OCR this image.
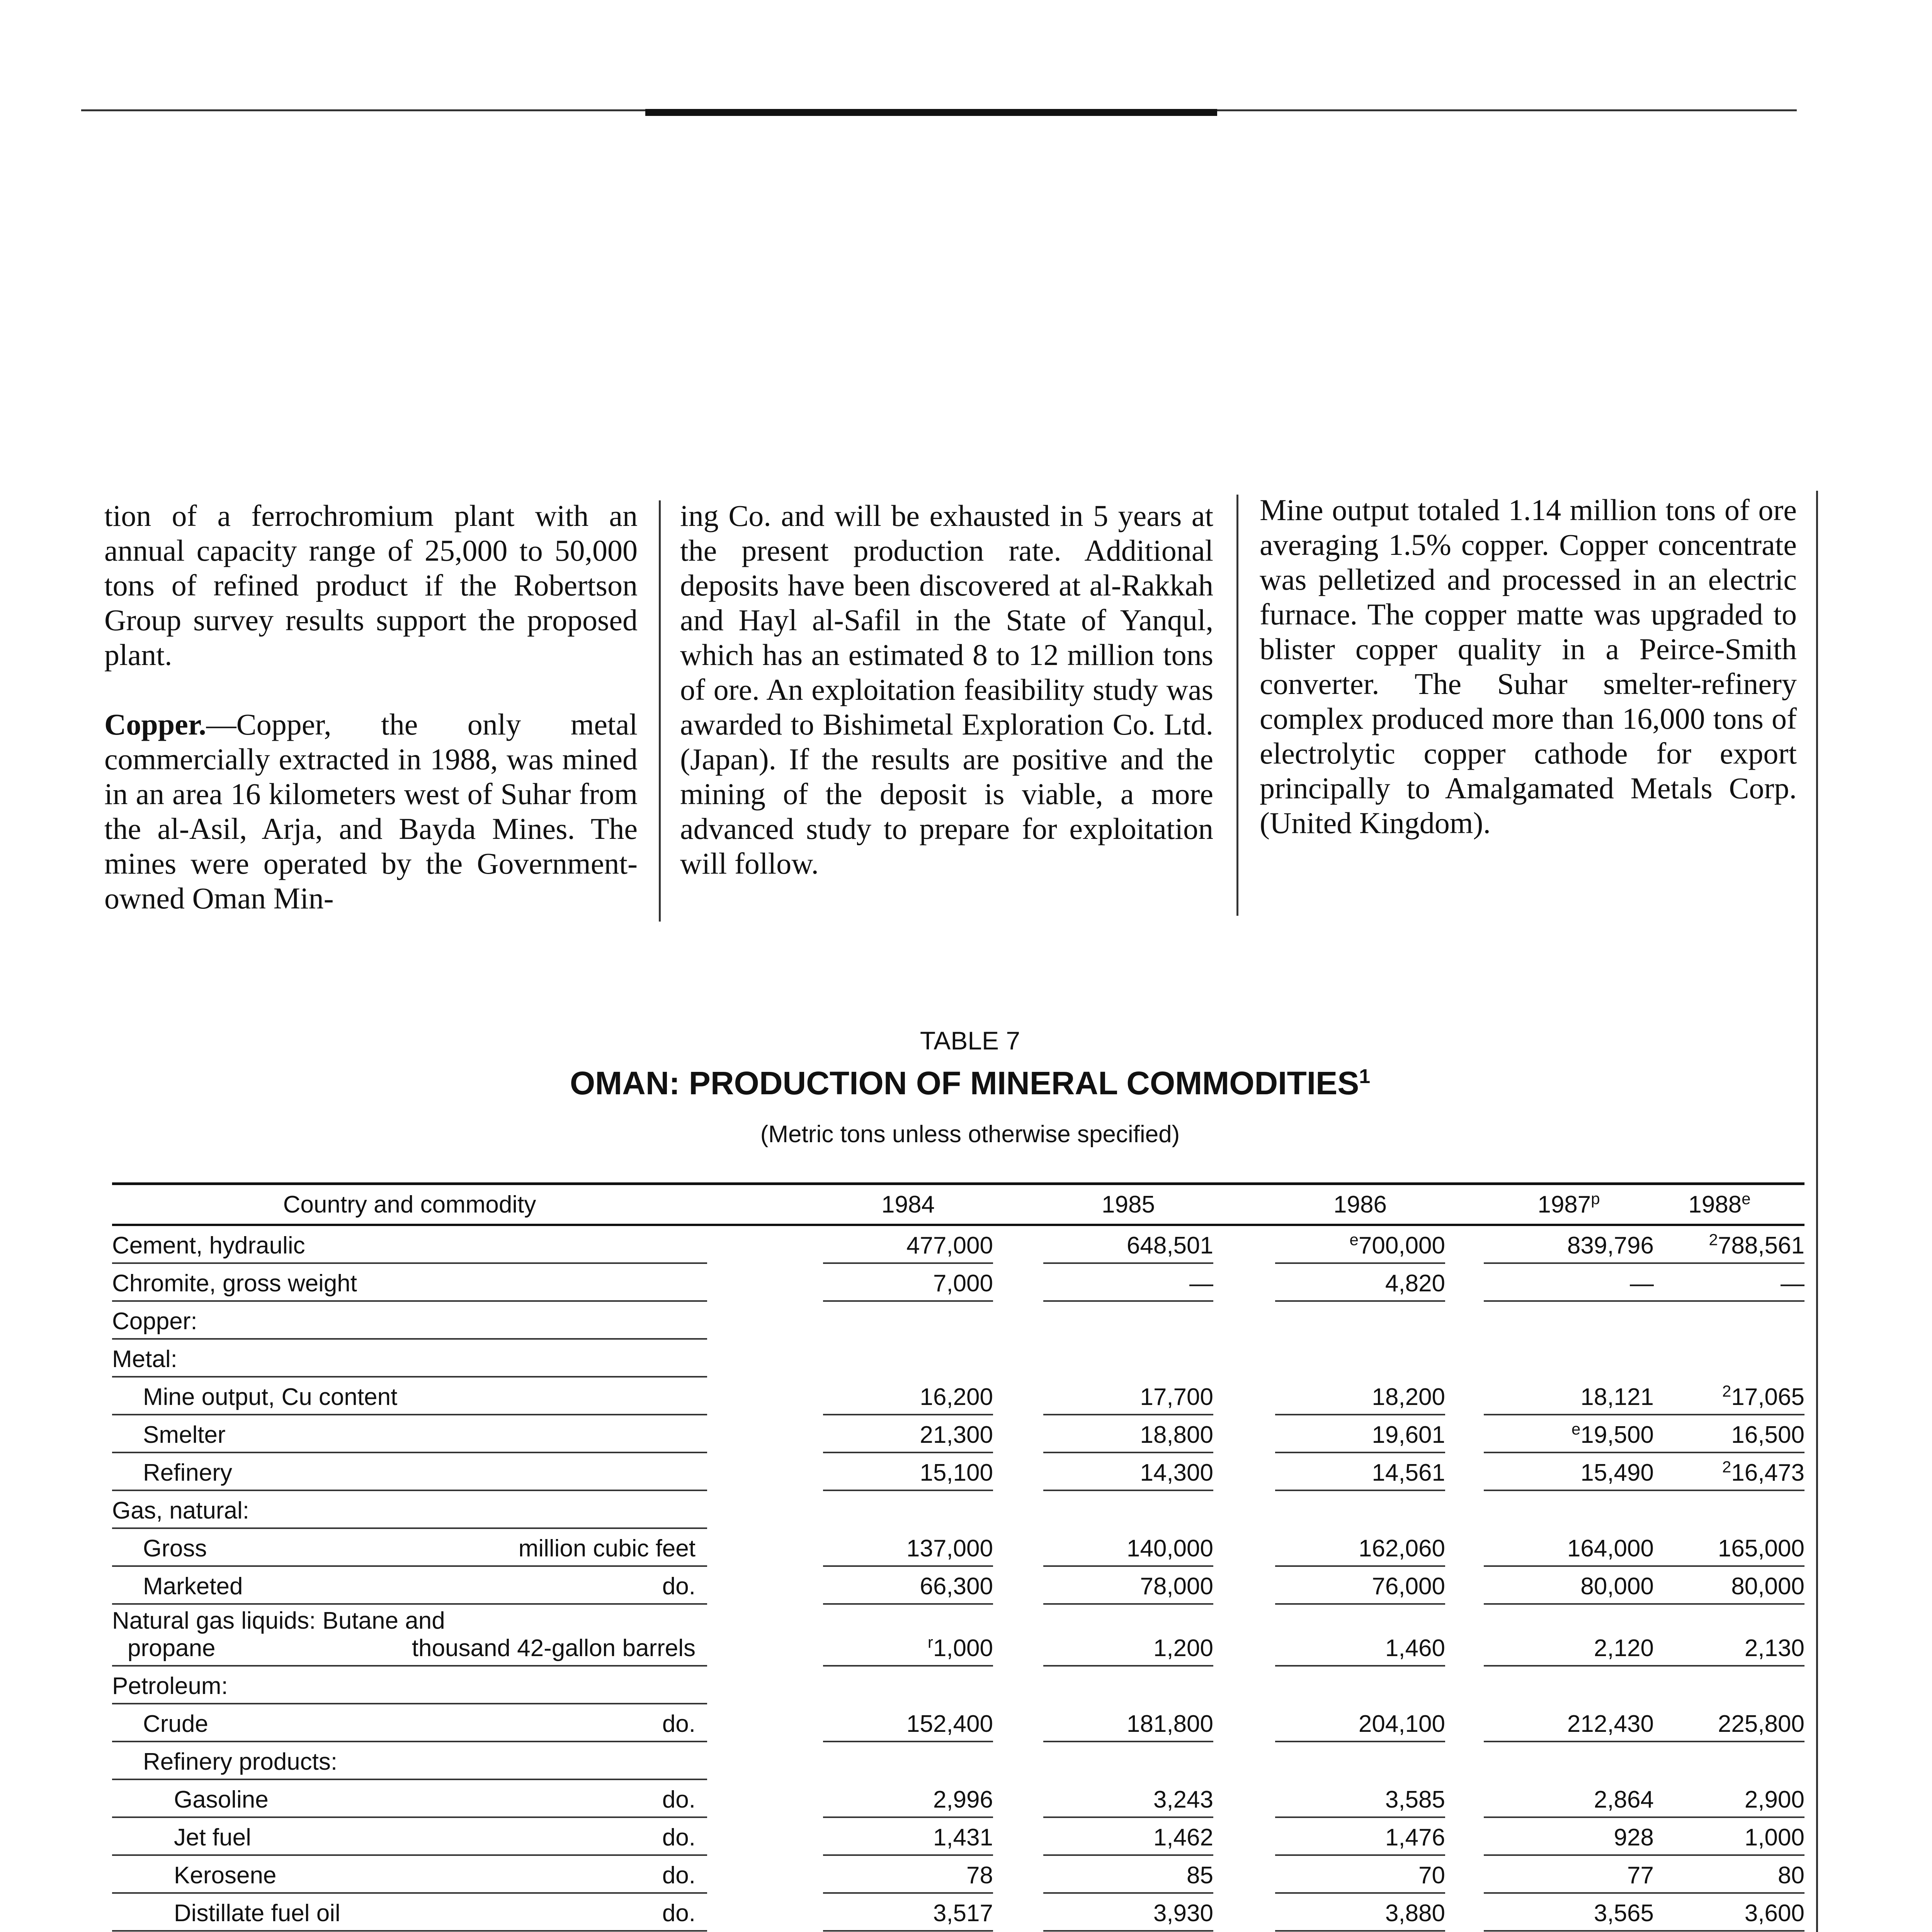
tion of a ferrochromium plant with an annual capacity range of 25,000 to 50,000 tons of refined product if the Robertson Group survey results support the proposed plant.

Copper.—Copper, the only metal commercially extracted in 1988, was mined in an area 16 kilometers west of Suhar from the al-Asil, Arja, and Bayda Mines. The mines were operated by the Government-owned Oman Min-

ing Co. and will be exhausted in 5 years at the present production rate. Additional deposits have been discovered at al-Rakkah and Hayl al-Safil in the State of Yanqul, which has an estimated 8 to 12 million tons of ore. An exploitation feasibility study was awarded to Bishimetal Exploration Co. Ltd. (Japan). If the results are positive and the mining of the deposit is viable, a more advanced study to prepare for exploitation will follow.

Mine output totaled 1.14 million tons of ore averaging 1.5% copper. Copper concentrate was pelletized and processed in an electric furnace. The copper matte was upgraded to blister copper quality in a Peirce-Smith converter. The Suhar smelter-refinery complex produced more than 16,000 tons of electrolytic copper cathode for export principally to Amalgamated Metals Corp. (United Kingdom).

TABLE 7
OMAN: PRODUCTION OF MINERAL COMMODITIES$^1$
(Metric tons unless otherwise specified)
Country and commodity	1984	1985	1986	1987$^p$	1988e
Cement, hydraulic	477,000	648,501	$^e$700,000	839,796	$^2$788,561
Chromite, gross weight	7,000	—	4,820	—	—
Copper:
Metal:
Mine output, Cu content	16,200	17,700	18,200	18,121	$^2$17,065
Smelter	21,300	18,800	19,601	$^e$19,500	16,500
Refinery	15,100	14,300	14,561	15,490	$^2$16,473
Gas, natural:
Gross	million cubic feet	137,000	140,000	162,060	164,000	165,000
Marketed	do.	66,300	78,000	76,000	80,000	80,000
Natural gas liquids: Butane and
propane	thousand 42-gallon barrels	$^r$1,000	1,200	1,460	2,120	2,130
Petroleum:
Crude	do.	152,400	181,800	204,100	212,430	225,800
Refinery products:
Gasoline	do.	2,996	3,243	3,585	2,864	2,900
Jet fuel	do.	1,431	1,462	1,476	928	1,000
Kerosene	do.	78	85	70	77	80
Distillate fuel oil	do.	3,517	3,930	3,880	3,565	3,600
